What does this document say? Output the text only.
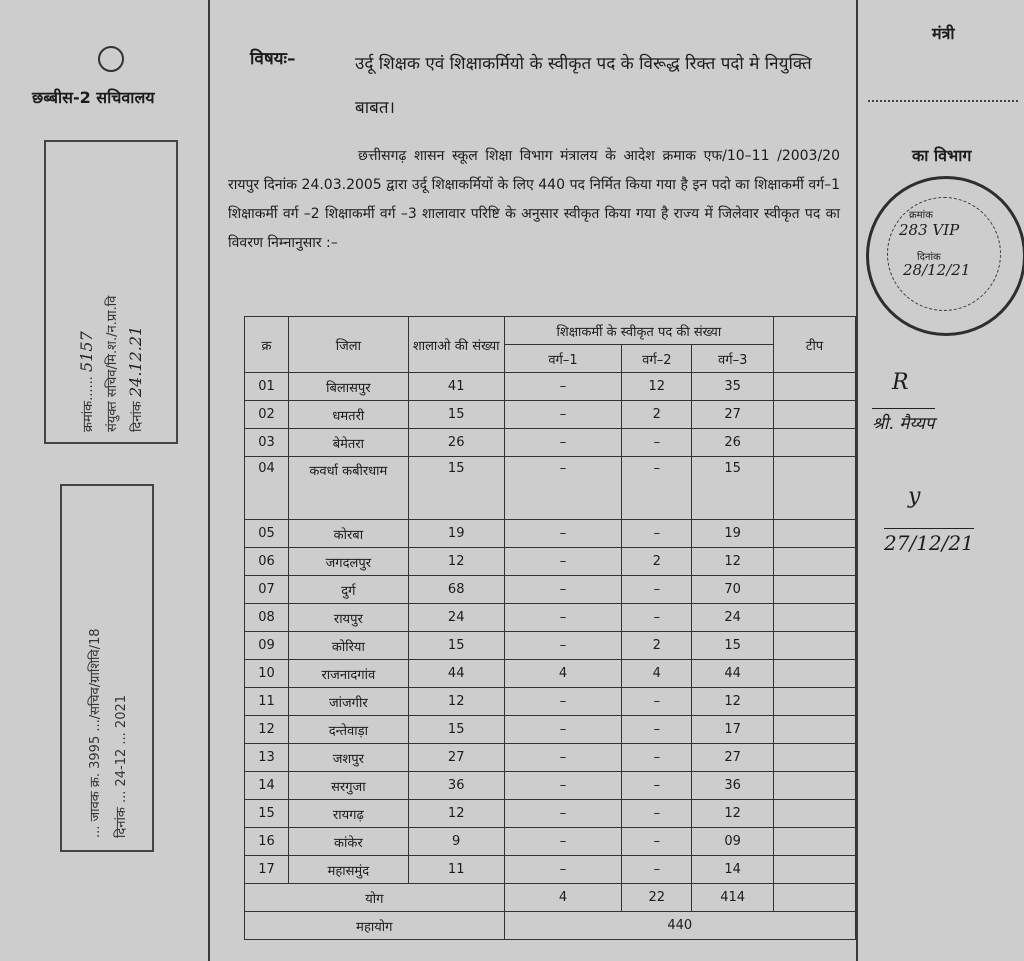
छब्बीस-2 सचिवालय
क्रमांक...... 5157 संयुक्त सचिव/मि.श./न.प्रा.वि दिनांक 24.12.21
... जावक क्र. 3995 .../सचिव/ग्राशिवि/18 दिनांक ... 24-12 ... 2021
विषयः–	उर्दू शिक्षक एवं शिक्षाकर्मियो के स्वीकृत पद के विरूद्ध रिक्त पदो मे नियुक्ति बाबत।
छत्तीसगढ़ शासन स्कूल शिक्षा विभाग मंत्रालय के आदेश क्रमाक एफ/10–11 /2003/20 रायपुर दिनांक 24.03.2005 द्वारा उर्दू शिक्षाकर्मियों के लिए 440 पद निर्मित किया गया है इन पदो का शिक्षाकर्मी वर्ग–1 शिक्षाकर्मी वर्ग –2 शिक्षाकर्मी वर्ग –3 शालावार परिष्टि के अनुसार स्वीकृत किया गया है राज्य में जिलेवार स्वीकृत पद का विवरण निम्नानुसार :–
क्र	जिला	शालाओ की संख्या	शिक्षाकर्मी के स्वीकृत पद की संख्या			टीप
			वर्ग–1	वर्ग–2	वर्ग–3	
01	बिलासपुर	41	–	12	35	
02	धमतरी	15	–	2	27	
03	बेमेतरा	26	–	–	26	
04	कवर्धा कबीरधाम	15	–	–	15	
05	कोरबा	19	–	–	19	
06	जगदलपुर	12	–	2	12	
07	दुर्ग	68	–	–	70	
08	रायपुर	24	–	–	24	
09	कोरिया	15	–	2	15	
10	राजनादगांव	44	4	4	44	
11	जांजगीर	12	–	–	12	
12	दन्तेवाड़ा	15	–	–	17	
13	जशपुर	27	–	–	27	
14	सरगुजा	36	–	–	36	
15	रायगढ़	12	–	–	12	
16	कांकेर	9	–	–	09	
17	महासमुंद	11	–	–	14	
योग			4	22	414	
महायोग			440			
मंत्री
का विभाग
क्रमांक
283 VIP
दिनांक
28/12/21
R
श्री. मैय्यप
y
27/12/21
